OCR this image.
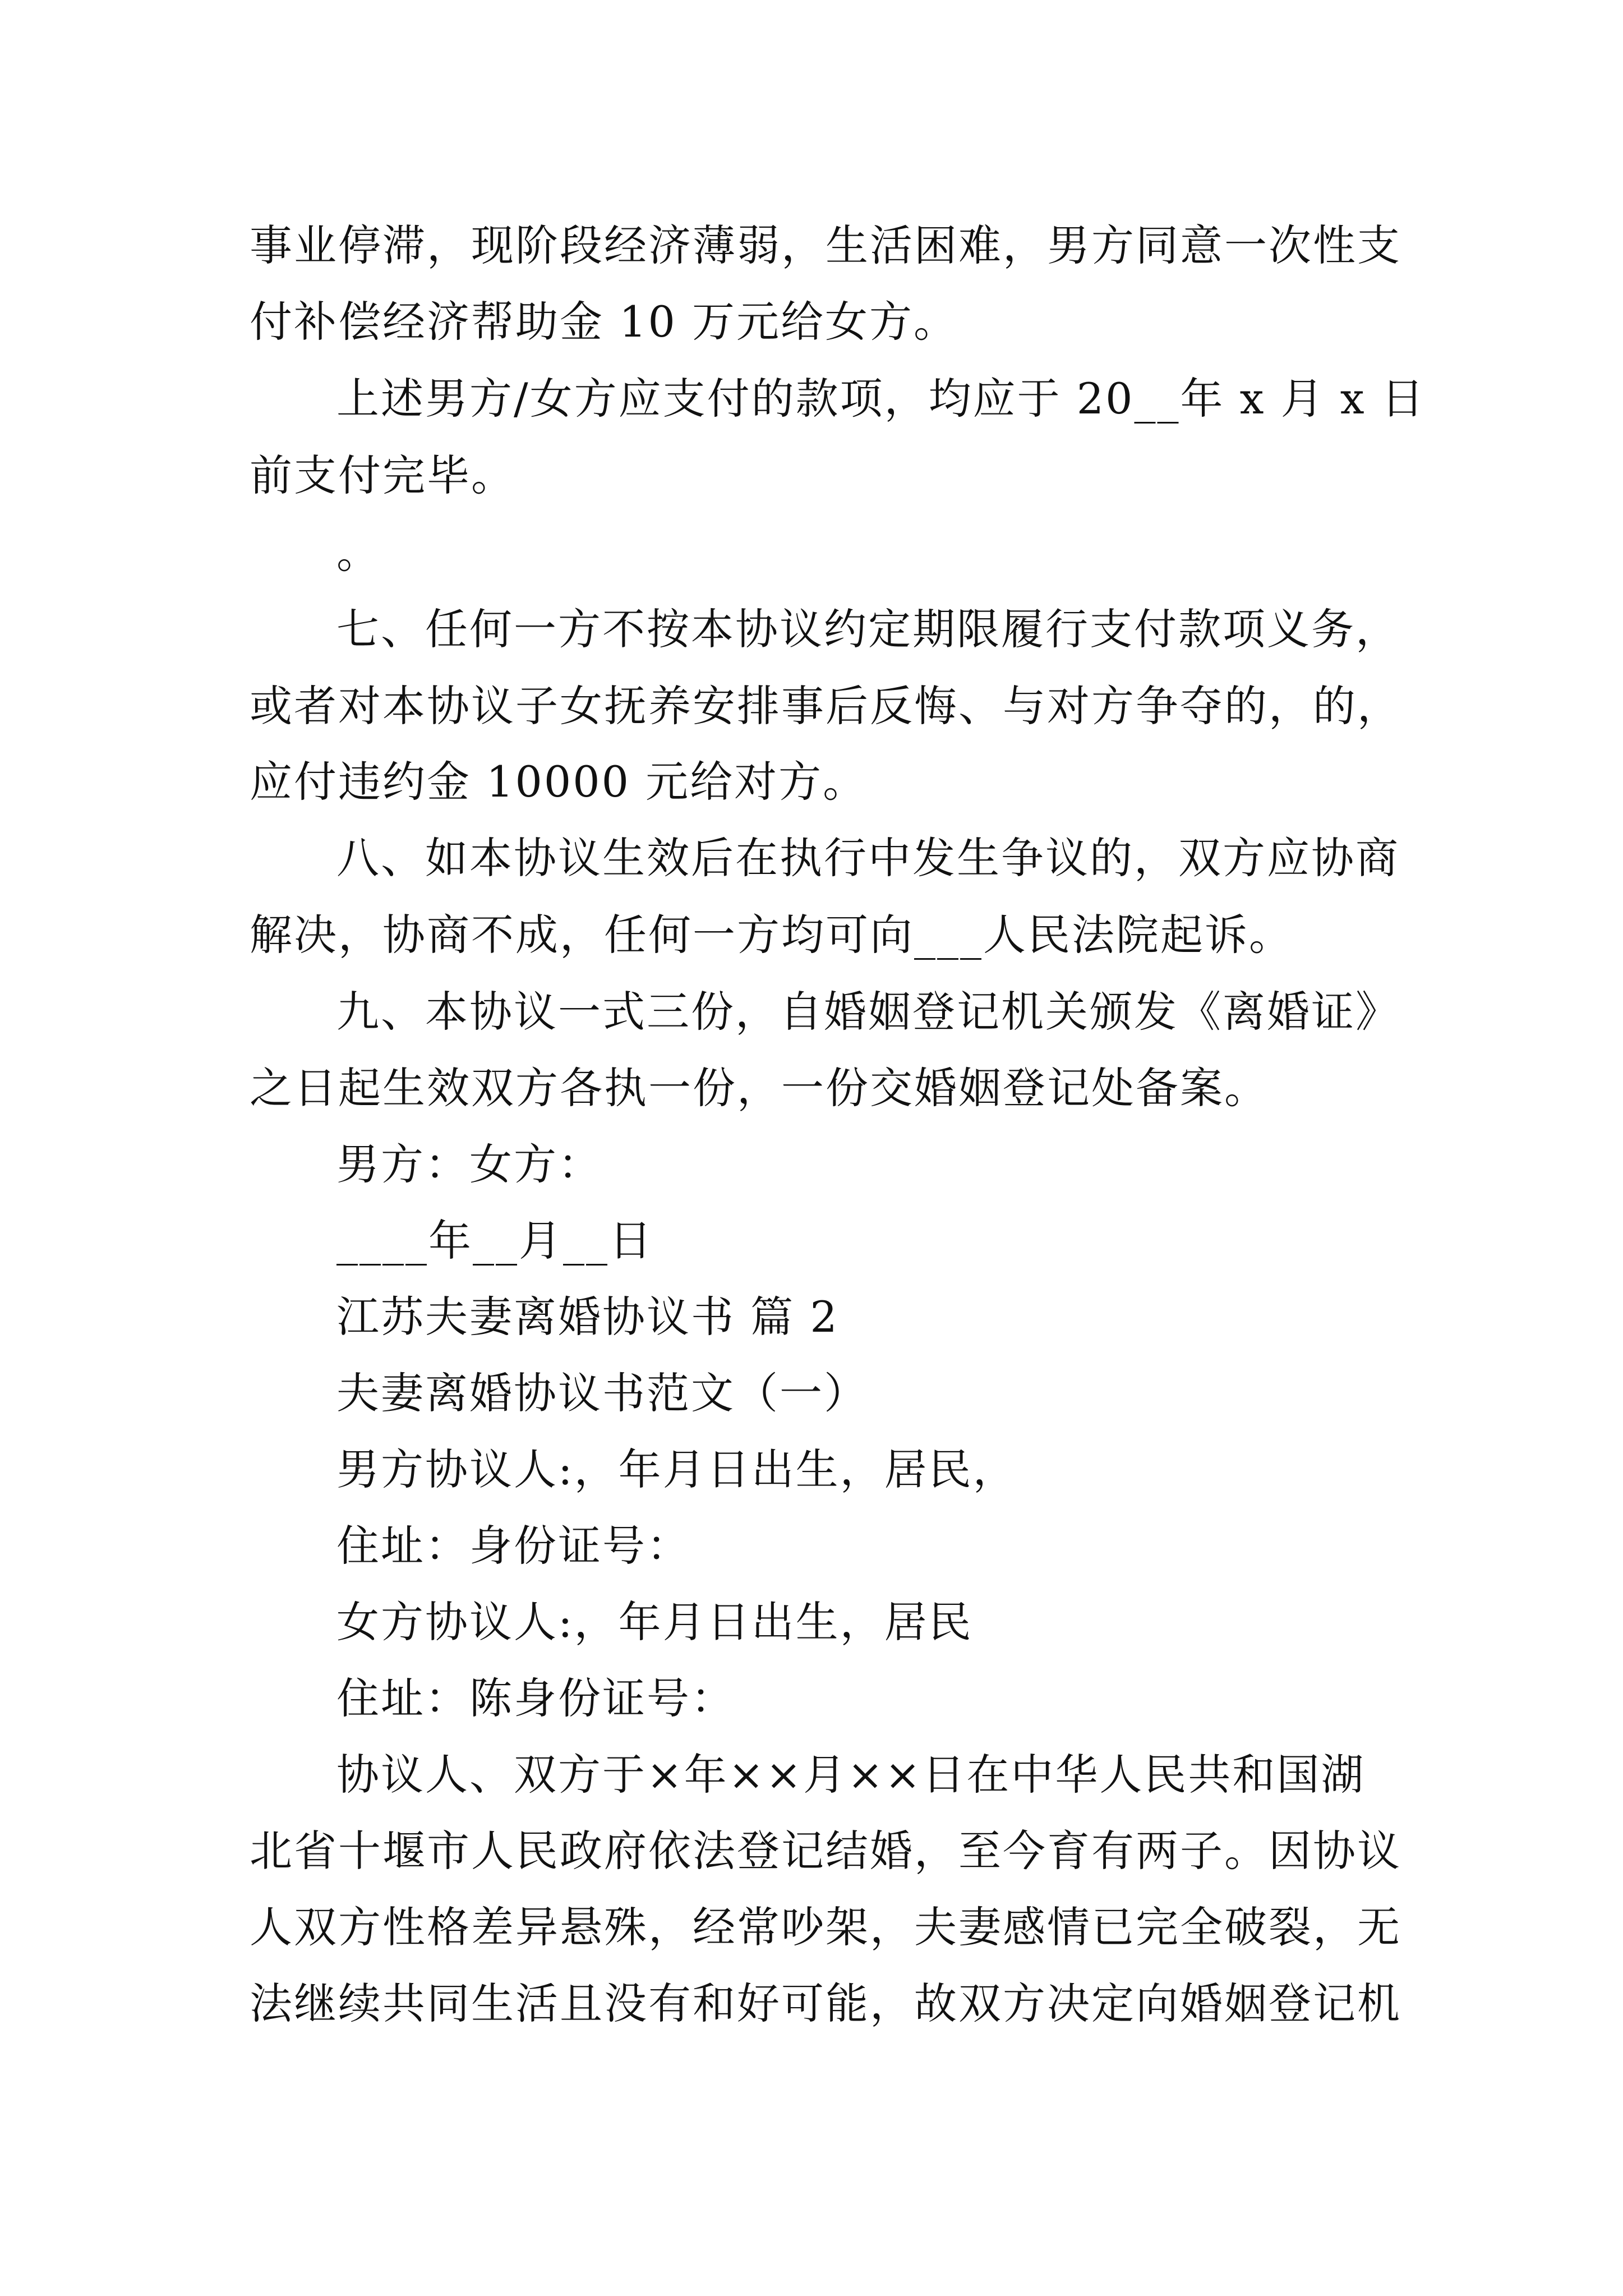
事业停滞，现阶段经济薄弱，生活困难，男方同意一次性支
付补偿经济帮助金 10 万元给女方。
上述男方/女方应支付的款项，均应于 20__年 x 月 x 日
前支付完毕。
。
七、任何一方不按本协议约定期限履行支付款项义务，
或者对本协议子女抚养安排事后反悔、与对方争夺的，的，
应付违约金 10000 元给对方。
八、如本协议生效后在执行中发生争议的，双方应协商
解决，协商不成，任何一方均可向___人民法院起诉。
九、本协议一式三份，自婚姻登记机关颁发《离婚证》
之日起生效双方各执一份，一份交婚姻登记处备案。
男方：女方：
____年__月__日
江苏夫妻离婚协议书 篇 2
夫妻离婚协议书范文（一）
男方协议人:，年月日出生，居民，
住址：身份证号：
女方协议人:，年月日出生，居民
住址：陈身份证号：
协议人、双方于×年××月××日在中华人民共和国湖
北省十堰市人民政府依法登记结婚，至今育有两子。因协议
人双方性格差异悬殊，经常吵架，夫妻感情已完全破裂，无
法继续共同生活且没有和好可能，故双方决定向婚姻登记机
